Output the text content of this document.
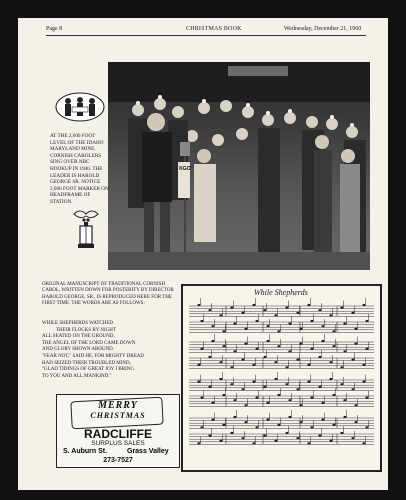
Page 8	CHRISTMAS BOOK	Wednesday, December 21, 1960
KGO
AT THE 2,600 FOOT LEVEL OF THE IDAHO MARYLAND MINE, CORNISH CAROLERS SING OVER NBC HOOKUP IN 1940. THE LEADER IS HAROLD GEORGE SR. NOTICE 2,000 FOOT MARKER ON HEADFRAME OF STATION.
ORIGINAL MANUSCRIPT OF TRADITIONAL CORNISH CAROL, WRITTEN DOWN FOR POSTERITY BY DIRECTOR HAROLD GEORGE, SR., IS REPRODUCED HERE FOR THE FIRST TIME. THE WORDS ARE AS FOLLOWS:
WHILE SHEPHERDS WATCHED
THEIR FLOCKS BY NIGHT
ALL SEATED ON THE GROUND,
THE ANGEL OF THE LORD CAME DOWN
AND GLORY SHOWN AROUND.
"FEAR NOT," SAID HE, FOR MIGHTY DREAD
HAD SEIZED THEIR TROUBLED MIND,
"GLAD TIDINGS OF GREAT JOY I BRING
TO YOU AND ALL MANKIND."
MERRY
CHRISTMAS
RADCLIFFE
SURPLUS SALES
S. Auburn St.	Grass Valley
273-7527
While Shepherds
